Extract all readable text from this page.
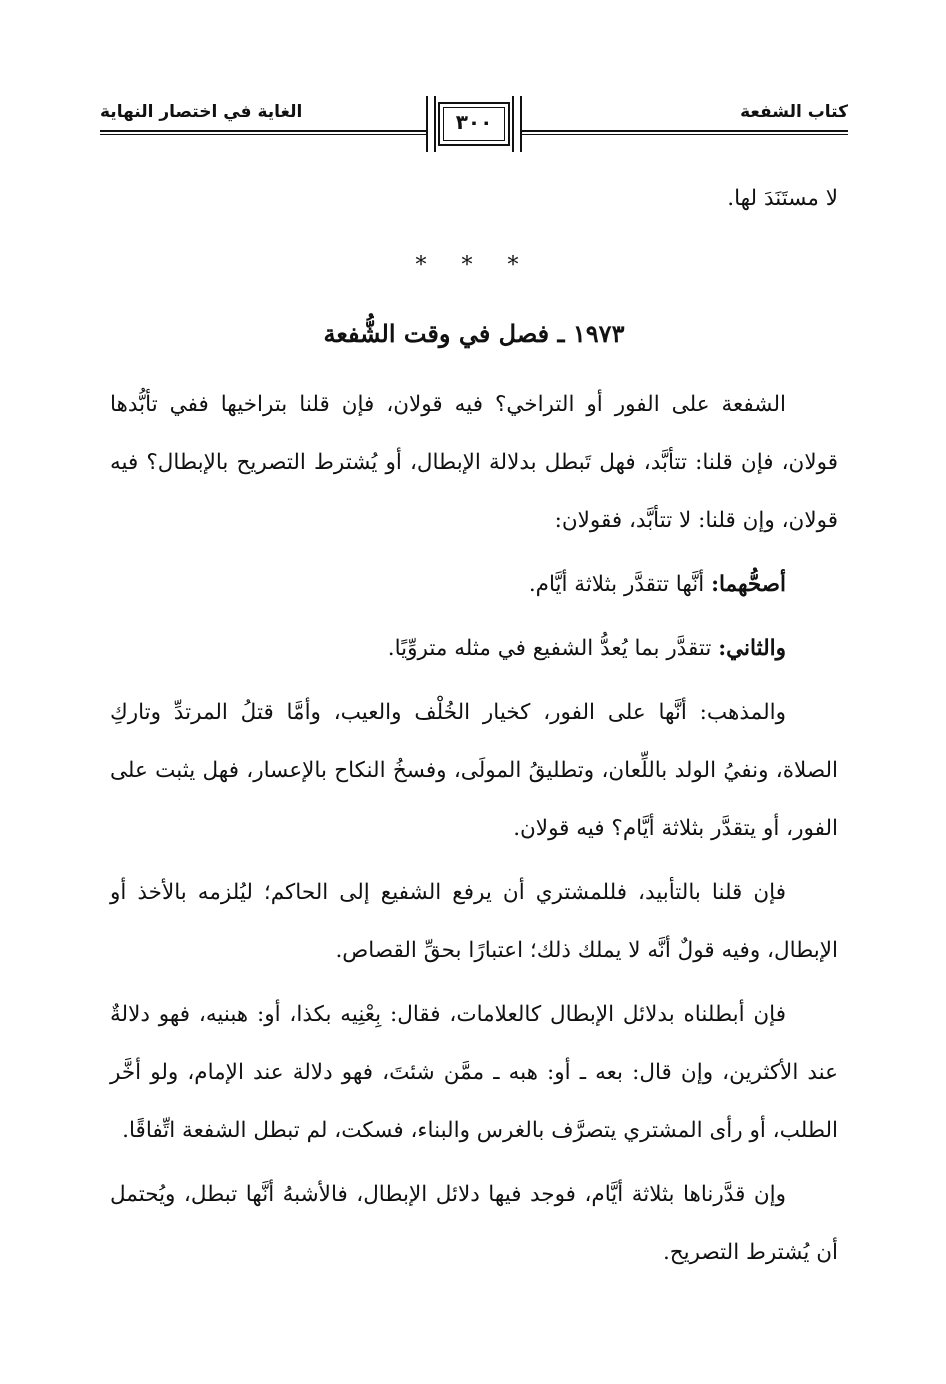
كتاب الشفعة
الغاية في اختصار النهاية	٣٠٠

لا مستَنَدَ لها.

* * *
١٩٧٣ ـ فصل في وقت الشُّفعة

الشفعة على الفور أو التراخي؟ فيه قولان، فإن قلنا بتراخيها ففي تأبُّدها قولان، فإن قلنا: تتأبَّد، فهل تَبطل بدلالة الإبطال، أو يُشترط التصريح بالإبطال؟ فيه قولان، وإن قلنا: لا تتأبَّد، فقولان:

أصحُّهما: أنَّها تتقدَّر بثلاثة أيَّام.

والثاني: تتقدَّر بما يُعدُّ الشفيع في مثله متروِّيًا.

والمذهب: أنَّها على الفور، كخيار الخُلْف والعيب، وأمَّا قتلُ المرتدِّ وتاركِ الصلاة، ونفيُ الولد باللِّعان، وتطليقُ المولَى، وفسخُ النكاح بالإعسار، فهل يثبت على الفور، أو يتقدَّر بثلاثة أيَّام؟ فيه قولان.

فإن قلنا بالتأبيد، فللمشتري أن يرفع الشفيع إلى الحاكم؛ ليُلزمه بالأخذ أو الإبطال، وفيه قولٌ أنَّه لا يملك ذلك؛ اعتبارًا بحقِّ القصاص.

فإن أبطلناه بدلائل الإبطال كالعلامات، فقال: بِعْنِيه بكذا، أو: هبنيه، فهو دلالةٌ عند الأكثرين، وإن قال: بعه ـ أو: هبه ـ ممَّن شئتَ، فهو دلالة عند الإمام، ولو أخَّر الطلب، أو رأى المشتري يتصرَّف بالغرس والبناء، فسكت، لم تبطل الشفعة اتِّفاقًا.

وإن قدَّرناها بثلاثة أيَّام، فوجد فيها دلائل الإبطال، فالأشبهُ أنَّها تبطل، ويُحتمل أن يُشترط التصريح.
